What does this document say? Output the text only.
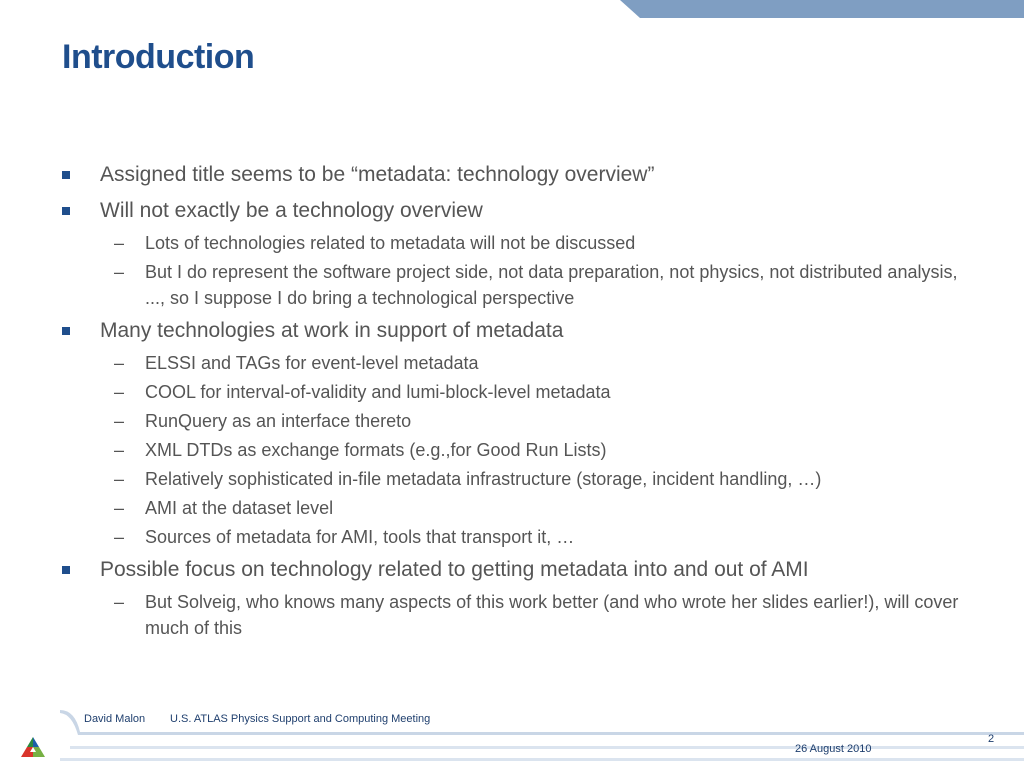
Introduction
Assigned title seems to be “metadata: technology overview”
Will not exactly be a technology overview
– Lots of technologies related to metadata will not be discussed
– But I do represent the software project side, not data preparation, not physics, not distributed analysis, ..., so I suppose I do bring a technological perspective
Many technologies at work in support of metadata
– ELSSI and TAGs for event-level metadata
– COOL for interval-of-validity and lumi-block-level metadata
– RunQuery as an interface thereto
– XML DTDs as exchange formats (e.g.,for Good Run Lists)
– Relatively sophisticated in-file metadata infrastructure (storage, incident handling, …)
– AMI at the dataset level
– Sources of metadata for AMI, tools that transport it, …
Possible focus on technology related to getting metadata into and out of AMI
– But Solveig, who knows many aspects of this work better (and who wrote her slides earlier!), will cover much of this
David Malon U.S. ATLAS Physics Support and Computing Meeting
26 August 2010
2
